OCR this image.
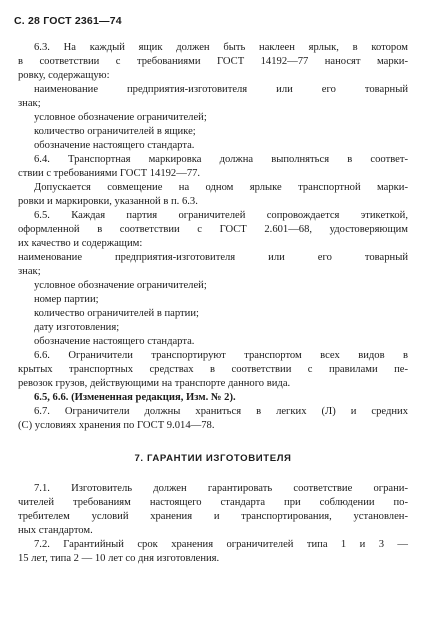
С. 28 ГОСТ 2361—74
6.3. На каждый ящик должен быть наклеен ярлык, в котором
в соответствии с требованиями ГОСТ 14192—77 наносят марки-
ровку, содержащую:
наименование предприятия-изготовителя или его товарный
знак;
условное обозначение ограничителей;
количество ограничителей в ящике;
обозначение настоящего стандарта.
6.4. Транспортная маркировка должна выполняться в соответ-
ствии с требованиями ГОСТ 14192—77.
Допускается совмещение на одном ярлыке транспортной марки-
ровки и маркировки, указанной в п. 6.3.
6.5. Каждая партия ограничителей сопровождается этикеткой,
оформленной в соответствии с ГОСТ 2.601—68, удостоверяющим
их качество и содержащим:
наименование предприятия-изготовителя или его товарный
знак;
условное обозначение ограничителей;
номер партии;
количество ограничителей в партии;
дату изготовления;
обозначение настоящего стандарта.
6.6. Ограничители транспортируют транспортом всех видов в
крытых транспортных средствах в соответствии с правилами пе-
ревозок грузов, действующими на транспорте данного вида.
6.5, 6.6. (Измененная редакция, Изм. № 2).
6.7. Ограничители должны храниться в легких (Л) и средних
(С) условиях хранения по ГОСТ 9.014—78.
7. ГАРАНТИИ ИЗГОТОВИТЕЛЯ
7.1. Изготовитель должен гарантировать соответствие ограни-
чителей требованиям настоящего стандарта при соблюдении по-
требителем условий хранения и транспортирования, установлен-
ных стандартом.
7.2. Гарантийный срок хранения ограничителей типа 1 и 3 —
15 лет, типа 2 — 10 лет со дня изготовления.
